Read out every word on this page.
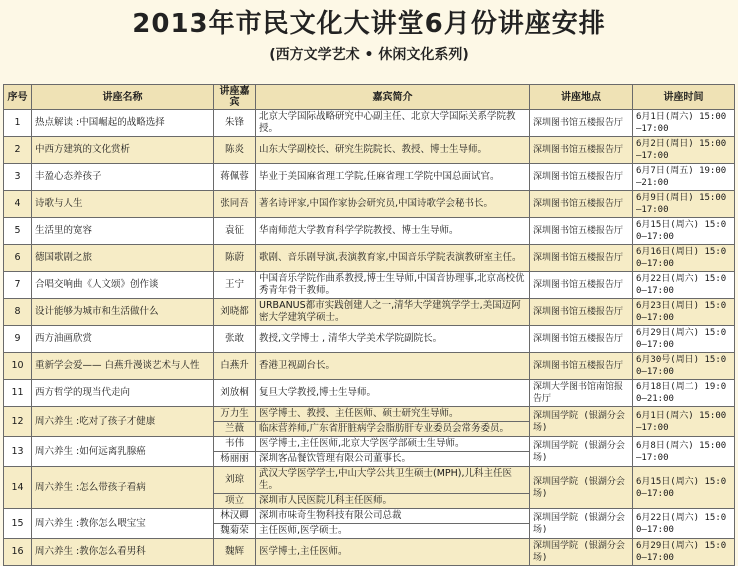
2013年市民文化大讲堂6月份讲座安排
(西方文学艺术 • 休闲文化系列)
序号	讲座名称	讲座嘉宾	嘉宾简介	讲座地点	讲座时间
1	热点解读 :中国崛起的战略选择	朱锋	北京大学国际战略研究中心副主任、北京大学国际关系学院教授。	深圳图书馆五楼报告厅	6月1日(周六) 15:00—17:00
2	中西方建筑的文化赏析	陈炎	山东大学副校长、研究生院院长、教授、博士生导师。	深圳图书馆五楼报告厅	6月2日(周日) 15:00—17:00
3	丰盈心态养孩子	蒋佩蓉	毕业于美国麻省理工学院,任麻省理工学院中国总面试官。	深圳图书馆五楼报告厅	6月7日(周五) 19:00—21:00
4	诗歌与人生	张同吾	著名诗评家,中国作家协会研究员,中国诗歌学会秘书长。	深圳图书馆五楼报告厅	6月9日(周日) 15:00—17:00
5	生活里的宽容	袁征	华南师范大学教育科学学院教授、博士生导师。	深圳图书馆五楼报告厅	6月15日(周六) 15:00—17:00
6	德国歌剧之旅	陈蔚	歌剧、音乐剧导演,表演教育家,中国音乐学院表演教研室主任。	深圳图书馆五楼报告厅	6月16日(周日) 15:00—17:00
7	合唱交响曲《人文颂》创作谈	王宁	中国音乐学院作曲系教授,博士生导师,中国音协理事,北京高校优秀青年骨干教师。	深圳图书馆五楼报告厅	6月22日(周六) 15:00—17:00
8	设计能够为城市和生活做什么	刘晓都	URBANUS都市实践创建人之一,清华大学建筑学学士,美国迈阿密大学建筑学硕士。	深圳图书馆五楼报告厅	6月23日(周日) 15:00—17:00
9	西方油画欣赏	张敢	教授,文学博士 , 清华大学美术学院副院长。	深圳图书馆五楼报告厅	6月29日(周六) 15:00—17:00
10	重新学会爱—— 白燕升漫谈艺术与人性	白燕升	香港卫视副台长。	深圳图书馆五楼报告厅	6月30号(周日) 15:00—17:00
11	西方哲学的现当代走向	刘放桐	复旦大学教授,博士生导师。	深圳大学图书馆南馆报告厅	6月18日(周二) 19:00—21:00
12	周六养生 :吃对了孩子才健康	万力生	医学博士、教授、主任医师、硕士研究生导师。	深圳国学院 (银湖分会场)	6月1日(周六) 15:00—17:00
		兰薇	临床营养师,广东省肝脏病学会脂肪肝专业委员会常务委员。		
13	周六养生 :如何远离乳腺癌	韦伟	医学博士,主任医师,北京大学医学部硕士生导师。	深圳国学院 (银湖分会场)	6月8日(周六) 15:00—17:00
		杨丽丽	深圳客品餐饮管理有限公司董事长。		
14	周六养生 :怎么带孩子看病	刘琼	武汉大学医学学士,中山大学公共卫生硕士(MPH),儿科主任医生。	深圳国学院 (银湖分会场)	6月15日(周六) 15:00—17:00
		项立	深圳市人民医院儿科主任医师。		
15	周六养生 :教你怎么喂宝宝	林汉卿	深圳市味奇生物科技有限公司总裁	深圳国学院 (银湖分会场)	6月22日(周六) 15:00—17:00
		魏菊荣	主任医师,医学硕士。		
16	周六养生 :教你怎么看男科	魏辉	医学博士,主任医师。	深圳国学院 (银湖分会场)	6月29日(周六) 15:00—17:00
